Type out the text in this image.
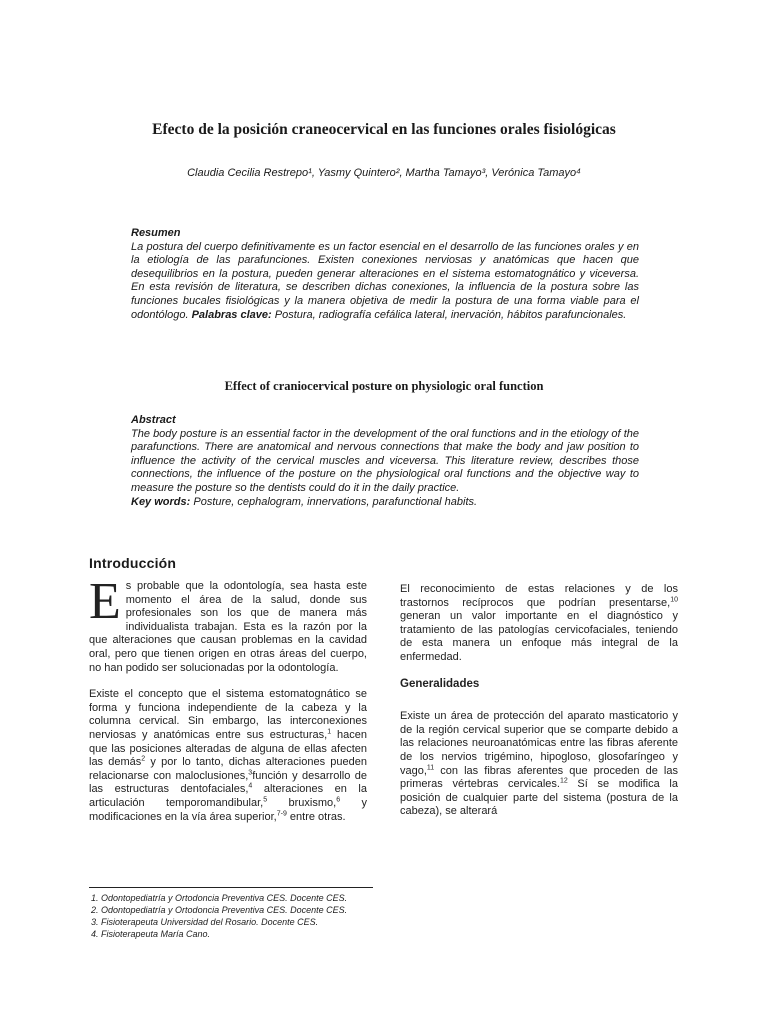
Efecto de la posición craneocervical en las funciones orales fisiológicas

Claudia Cecilia Restrepo¹, Yasmy Quintero², Martha Tamayo³, Verónica Tamayo⁴

Resumen

La postura del cuerpo definitivamente es un factor esencial en el desarrollo de las funciones orales y en la etiología de las parafunciones. Existen conexiones nerviosas y anatómicas que hacen que desequilibrios en la postura, pueden generar alteraciones en el sistema estomatognático y viceversa. En esta revisión de literatura, se describen dichas conexiones, la influencia de la postura sobre las funciones bucales fisiológicas y la manera objetiva de medir la postura de una forma viable para el odontólogo. Palabras clave: Postura, radiografía cefálica lateral, inervación, hábitos parafuncionales.

Effect of craniocervical posture on physiologic oral function
Abstract

The body posture is an essential factor in the development of the oral functions and in the etiology of the parafunctions. There are anatomical and nervous connections that make the body and jaw position to influence the activity of the cervical muscles and viceversa. This literature review, describes those connections, the influence of the posture on the physiological oral functions and the objective way to measure the posture so the dentists could do it in the daily practice.

Key words: Posture, cephalogram, innervations, parafunctional habits.

Introducción

Es probable que la odontología, sea hasta este momento el área de la salud, donde sus profesionales son los que de manera más individualista trabajan. Esta es la razón por la que alteraciones que causan problemas en la cavidad oral, pero que tienen origen en otras áreas del cuerpo, no han podido ser solucionadas por la odontología.

Existe el concepto que el sistema estomatognático se forma y funciona independiente de la cabeza y la columna cervical. Sin embargo, las interconexiones nerviosas y anatómicas entre sus estructuras,$^1$ hacen que las posiciones alteradas de alguna de ellas afecten las demás$^2$ y por lo tanto, dichas alteraciones pueden relacionarse con maloclusiones,$^3$función y desarrollo de las estructuras dentofaciales,$^4$ alteraciones en la articulación temporomandibular,$^5$ bruxismo,$^6$ y modificaciones en la vía área superior,$^{7-9}$ entre otras.

El reconocimiento de estas relaciones y de los trastornos recíprocos que podrían presentarse,$^{10}$ generan un valor importante en el diagnóstico y tratamiento de las patologías cervicofaciales, teniendo de esta manera un enfoque más integral de la enfermedad.

Generalidades

Existe un área de protección del aparato masticatorio y de la región cervical superior que se comparte debido a las relaciones neuroanatómicas entre las fibras aferente de los nervios trigémino, hipogloso, glosofaríngeo y vago,$^{11}$ con las fibras aferentes que proceden de las primeras vértebras cervicales.$^{12}$ Sí se modifica la posición de cualquier parte del sistema (postura de la cabeza), se alterará

1. Odontopediatría y Ortodoncia Preventiva CES. Docente CES.
2. Odontopediatría y Ortodoncia Preventiva CES. Docente CES.
3. Fisioterapeuta Universidad del Rosario. Docente CES.
4. Fisioterapeuta María Cano.
